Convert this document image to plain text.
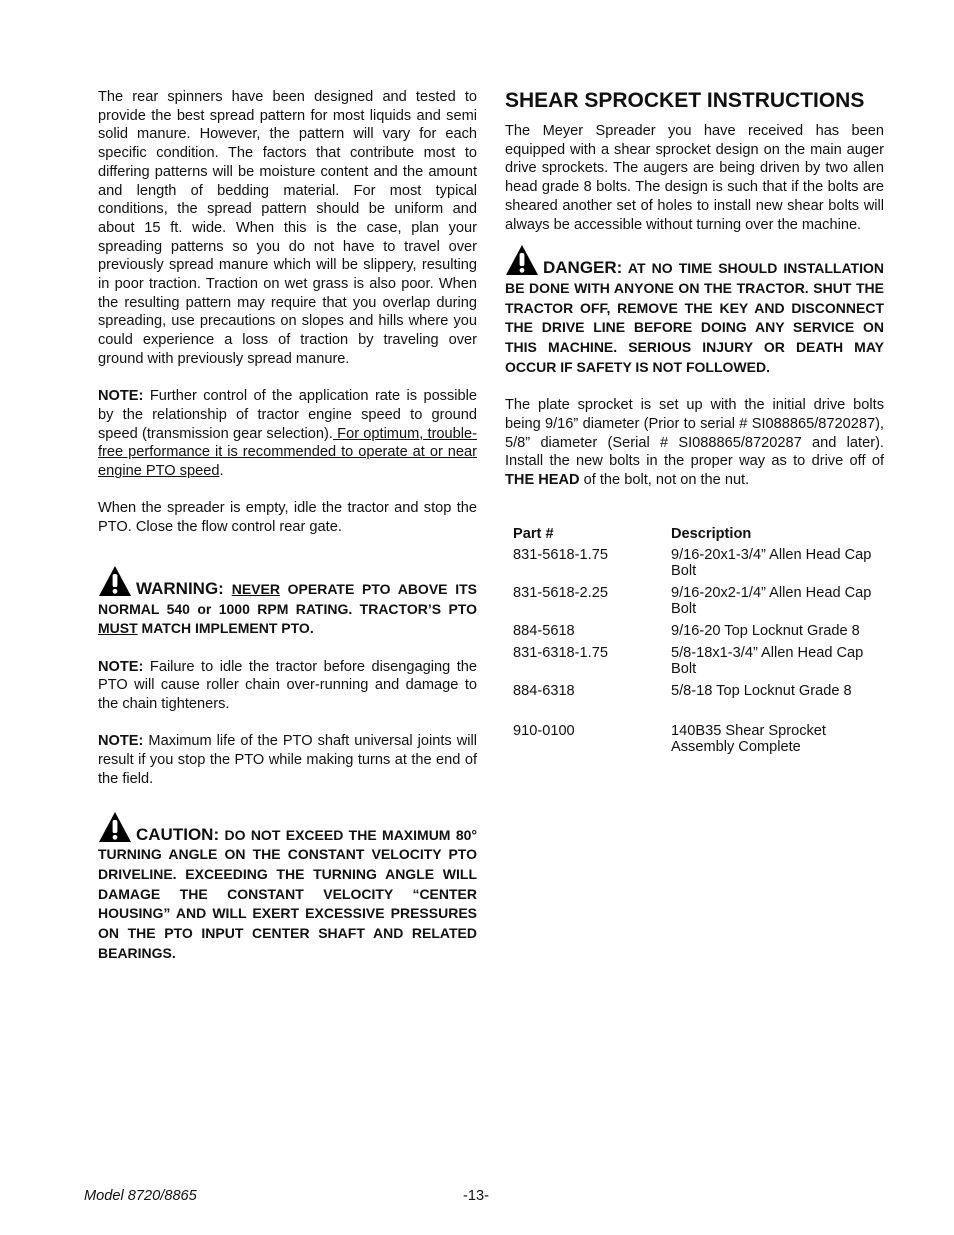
The rear spinners have been designed and tested to provide the best spread pattern for most liquids and semi solid manure. However, the pattern will vary for each specific condition. The factors that contribute most to differing patterns will be moisture content and the amount and length of bedding material. For most typical conditions, the spread pattern should be uniform and about 15 ft. wide. When this is the case, plan your spreading patterns so you do not have to travel over previously spread manure which will be slippery, resulting in poor traction. Traction on wet grass is also poor. When the resulting pattern may require that you overlap during spreading, use precautions on slopes and hills where you could experience a loss of traction by traveling over ground with previously spread manure.

NOTE: Further control of the application rate is possible by the relationship of tractor engine speed to ground speed (transmission gear selection). For optimum, trouble-free performance it is recommended to operate at or near engine PTO speed.

When the spreader is empty, idle the tractor and stop the PTO. Close the flow control rear gate.

WARNING: NEVER OPERATE PTO ABOVE ITS NORMAL 540 or 1000 RPM RATING. TRACTOR’S PTO MUST MATCH IMPLEMENT PTO.

NOTE: Failure to idle the tractor before disengaging the PTO will cause roller chain over-running and damage to the chain tighteners.

NOTE: Maximum life of the PTO shaft universal joints will result if you stop the PTO while making turns at the end of the field.

CAUTION: DO NOT EXCEED THE MAXIMUM 80° TURNING ANGLE ON THE CONSTANT VELOCITY PTO DRIVELINE. EXCEEDING THE TURNING ANGLE WILL DAMAGE THE CONSTANT VELOCITY “CENTER HOUSING” AND WILL EXERT EXCESSIVE PRESSURES ON THE PTO INPUT CENTER SHAFT AND RELATED BEARINGS.

SHEAR SPROCKET INSTRUCTIONS

The Meyer Spreader you have received has been equipped with a shear sprocket design on the main auger drive sprockets. The augers are being driven by two allen head grade 8 bolts. The design is such that if the bolts are sheared another set of holes to install new shear bolts will always be accessible without turning over the machine.

DANGER: AT NO TIME SHOULD INSTALLATION BE DONE WITH ANYONE ON THE TRACTOR. SHUT THE TRACTOR OFF, REMOVE THE KEY AND DISCONNECT THE DRIVE LINE BEFORE DOING ANY SERVICE ON THIS MACHINE. SERIOUS INJURY OR DEATH MAY OCCUR IF SAFETY IS NOT FOLLOWED.

The plate sprocket is set up with the initial drive bolts being 9/16” diameter (Prior to serial # SI088865/8720287), 5/8” diameter (Serial # SI088865/8720287 and later). Install the new bolts in the proper way as to drive off of THE HEAD of the bolt, not on the nut.

Part #	Description
831-5618-1.75	9/16-20x1-3/4” Allen Head Cap Bolt
831-5618-2.25	9/16-20x2-1/4” Allen Head Cap Bolt
884-5618	9/16-20 Top Locknut Grade 8
831-6318-1.75	5/8-18x1-3/4” Allen Head Cap Bolt
884-6318	5/8-18 Top Locknut Grade 8
910-0100	140B35 Shear Sprocket Assembly Complete
Model 8720/8865	-13-
